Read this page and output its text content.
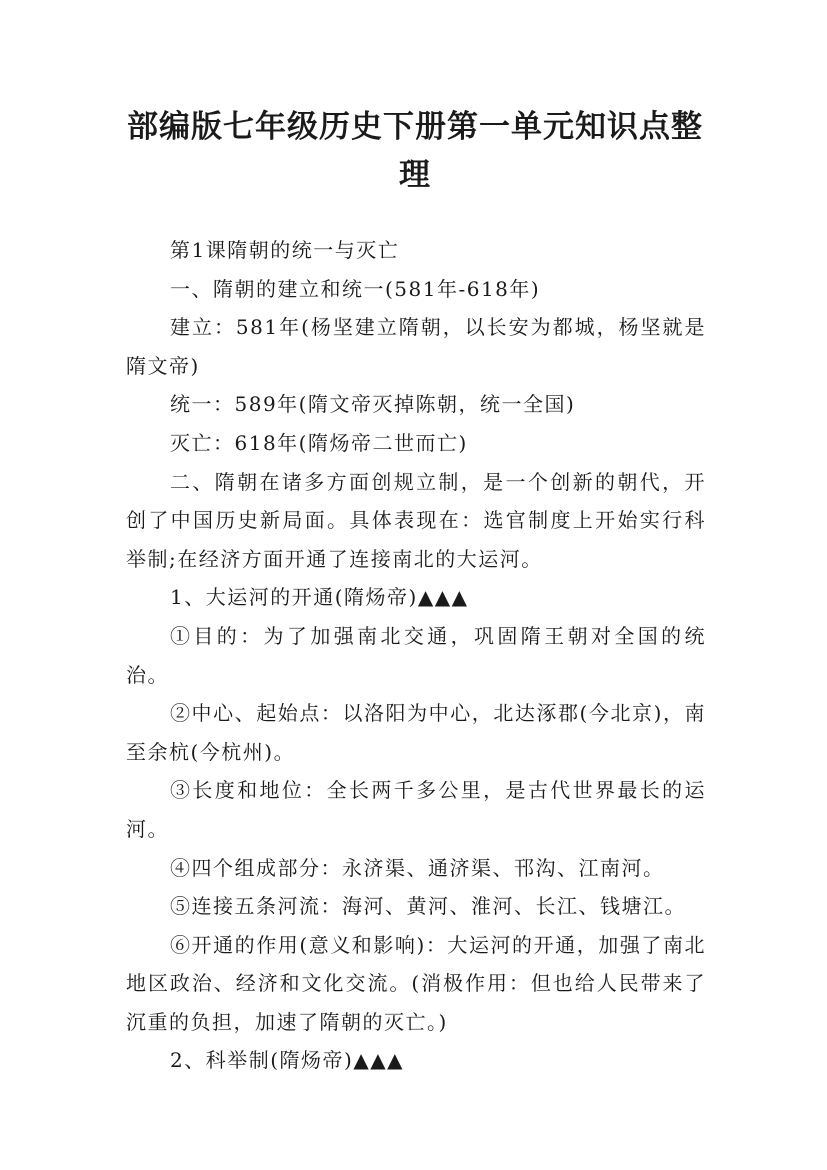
部编版七年级历史下册第一单元知识点整理

第1课隋朝的统一与灭亡

一、隋朝的建立和统一(581年-618年)

建立：581年(杨坚建立隋朝，以长安为都城，杨坚就是隋文帝)

统一：589年(隋文帝灭掉陈朝，统一全国)

灭亡：618年(隋炀帝二世而亡)

二、隋朝在诸多方面创规立制，是一个创新的朝代，开创了中国历史新局面。具体表现在：选官制度上开始实行科举制;在经济方面开通了连接南北的大运河。

1、大运河的开通(隋炀帝)▲▲▲

①目的：为了加强南北交通，巩固隋王朝对全国的统治。

②中心、起始点：以洛阳为中心，北达涿郡(今北京)，南至余杭(今杭州)。

③长度和地位：全长两千多公里，是古代世界最长的运河。

④四个组成部分：永济渠、通济渠、邗沟、江南河。

⑤连接五条河流：海河、黄河、淮河、长江、钱塘江。

⑥开通的作用(意义和影响)：大运河的开通，加强了南北地区政治、经济和文化交流。(消极作用：但也给人民带来了沉重的负担，加速了隋朝的灭亡。)

2、科举制(隋炀帝)▲▲▲
